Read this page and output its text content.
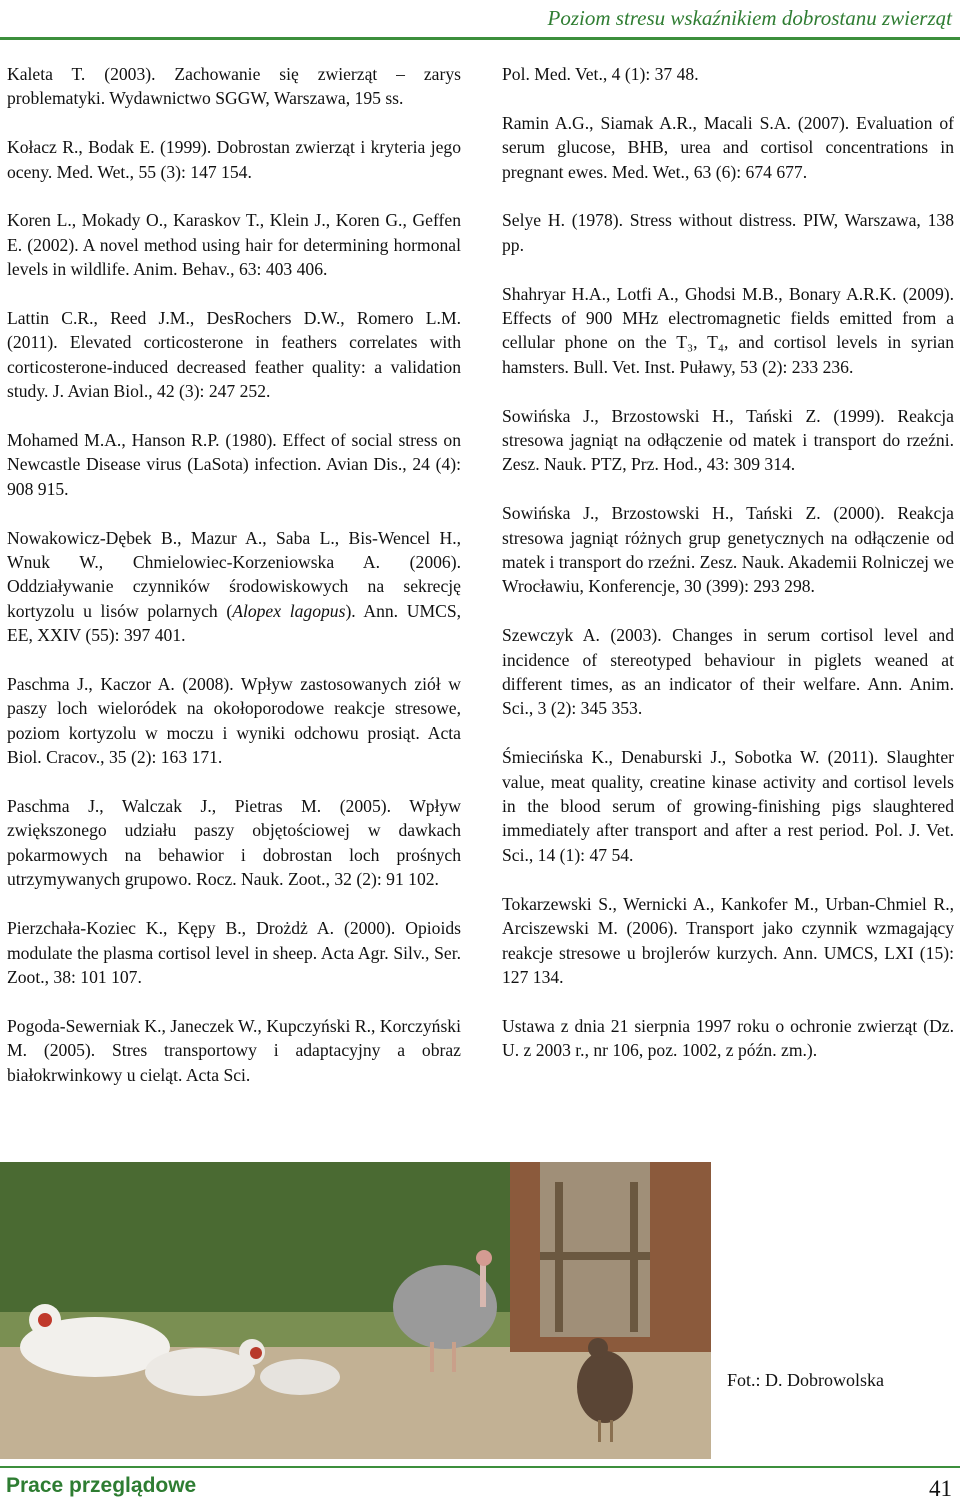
Poziom stresu wskaźnikiem dobrostanu zwierząt

Kaleta T. (2003). Zachowanie się zwierząt – zarys problematyki. Wydawnictwo SGGW, Warszawa, 195 ss.

Kołacz R., Bodak E. (1999). Dobrostan zwierząt i kryteria jego oceny. Med. Wet., 55 (3): 147 154.

Koren L., Mokady O., Karaskov T., Klein J., Koren G., Geffen E. (2002). A novel method using hair for determining hormonal levels in wildlife. Anim. Behav., 63: 403 406.

Lattin C.R., Reed J.M., DesRochers D.W., Romero L.M. (2011). Elevated corticosterone in feathers correlates with corticosterone-induced decreased feather quality: a validation study. J. Avian Biol., 42 (3): 247 252.

Mohamed M.A., Hanson R.P. (1980). Effect of social stress on Newcastle Disease virus (LaSota) infection. Avian Dis., 24 (4): 908 915.

Nowakowicz-Dębek B., Mazur A., Saba L., Bis-Wencel H., Wnuk W., Chmielowiec-Korzeniowska A. (2006). Oddziaływanie czynników środowiskowych na sekrecję kortyzolu u lisów polarnych (Alopex lagopus). Ann. UMCS, EE, XXIV (55): 397 401.

Paschma J., Kaczor A. (2008). Wpływ zastosowanych ziół w paszy loch wieloródek na okołoporodowe reakcje stresowe, poziom kortyzolu w moczu i wyniki odchowu prosiąt. Acta Biol. Cracov., 35 (2): 163 171.

Paschma J., Walczak J., Pietras M. (2005). Wpływ zwiększonego udziału paszy objętościowej w dawkach pokarmowych na behawior i dobrostan loch prośnych utrzymywanych grupowo. Rocz. Nauk. Zoot., 32 (2): 91 102.

Pierzchała-Koziec K., Kępy B., Drożdż A. (2000). Opioids modulate the plasma cortisol level in sheep. Acta Agr. Silv., Ser. Zoot., 38: 101 107.

Pogoda-Sewerniak K., Janeczek W., Kupczyński R., Korczyński M. (2005). Stres transportowy i adaptacyjny a obraz białokrwinkowy u cieląt. Acta Sci.

Pol. Med. Vet., 4 (1): 37 48.

Ramin A.G., Siamak A.R., Macali S.A. (2007). Evaluation of serum glucose, BHB, urea and cortisol concentrations in pregnant ewes. Med. Wet., 63 (6): 674 677.

Selye H. (1978). Stress without distress. PIW, Warszawa, 138 pp.

Shahryar H.A., Lotfi A., Ghodsi M.B., Bonary A.R.K. (2009). Effects of 900 MHz electromagnetic fields emitted from a cellular phone on the T₃, T₄, and cortisol levels in syrian hamsters. Bull. Vet. Inst. Puławy, 53 (2): 233 236.

Sowińska J., Brzostowski H., Tański Z. (1999). Reakcja stresowa jagniąt na odłączenie od matek i transport do rzeźni. Zesz. Nauk. PTZ, Prz. Hod., 43: 309 314.

Sowińska J., Brzostowski H., Tański Z. (2000). Reakcja stresowa jagniąt różnych grup genetycznych na odłączenie od matek i transport do rzeźni. Zesz. Nauk. Akademii Rolniczej we Wrocławiu, Konferencje, 30 (399): 293 298.

Szewczyk A. (2003). Changes in serum cortisol level and incidence of stereotyped behaviour in piglets weaned at different times, as an indicator of their welfare. Ann. Anim. Sci., 3 (2): 345 353.

Śmiecińska K., Denaburski J., Sobotka W. (2011). Slaughter value, meat quality, creatine kinase activity and cortisol levels in the blood serum of growing-finishing pigs slaughtered immediately after transport and after a rest period. Pol. J. Vet. Sci., 14 (1): 47 54.

Tokarzewski S., Wernicki A., Kankofer M., Urban-Chmiel R., Arciszewski M. (2006). Transport jako czynnik wzmagający reakcje stresowe u brojlerów kurzych. Ann. UMCS, LXI (15): 127 134.

Ustawa z dnia 21 sierpnia 1997 roku o ochronie zwierząt (Dz. U. z 2003 r., nr 106, poz. 1002, z późn. zm.).

Fot.: D. Dobrowolska
Prace przeglądowe	41
